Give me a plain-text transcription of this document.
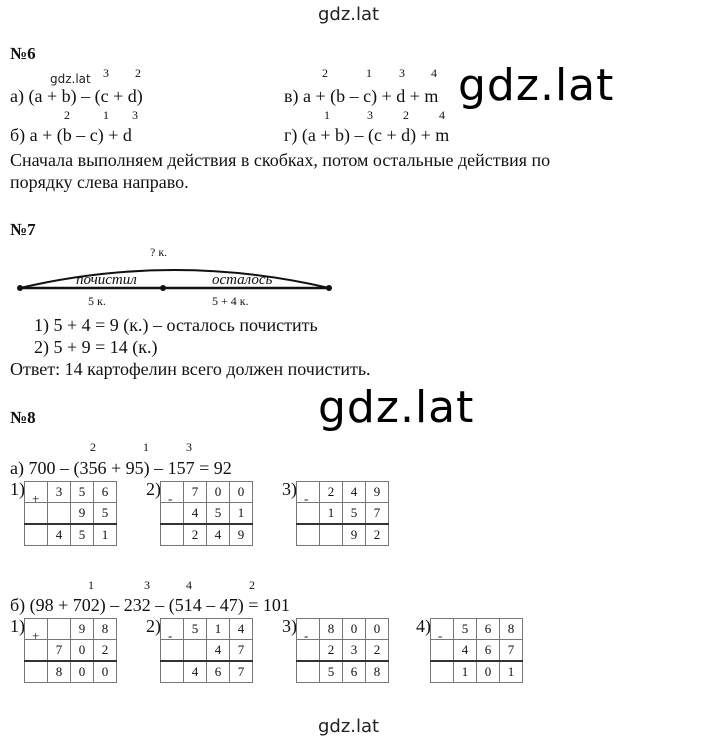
gdz.lat
gdz.lat
gdz.lat
gdz.lat
№6
gdz.lat 3 2
а) (a + b) – (c + d)
2	1 3
б) a + (b – c) + d
2	1 3 4
в) a + (b – c) + d + m
1	3	2	4
г) (a + b) – (c + d) + m
Сначала выполняем действия в скобках, потом остальные действия по
порядку слева направо.
№7
? к.
почистил	осталось
5 к.	5 + 4 к.
1) 5 + 4 = 9 (к.) – осталось почистить
2) 5 + 9 = 14 (к.)
Ответ: 14 картофелин всего должен почистить.
№8
2	1	3
а) 700 – (356 + 95) – 157 = 92
1) +
	3	5	6
		9	5
	4	5	1
2) -
	7	0	0
	4	5	1
	2	4	9
3) -
	2	4	9
	1	5	7
		9	2
1	3	4	2
б) (98 + 702) – 232 – (514 – 47) = 101
1) +
			9	8
	7	0	2
	8	0	0
2) -
	5	1	4
		4	7
	4	6	7
3) -
	8	0	0
	2	3	2
	5	6	8
4) -
	5	6	8
	4	6	7
	1	0	1
